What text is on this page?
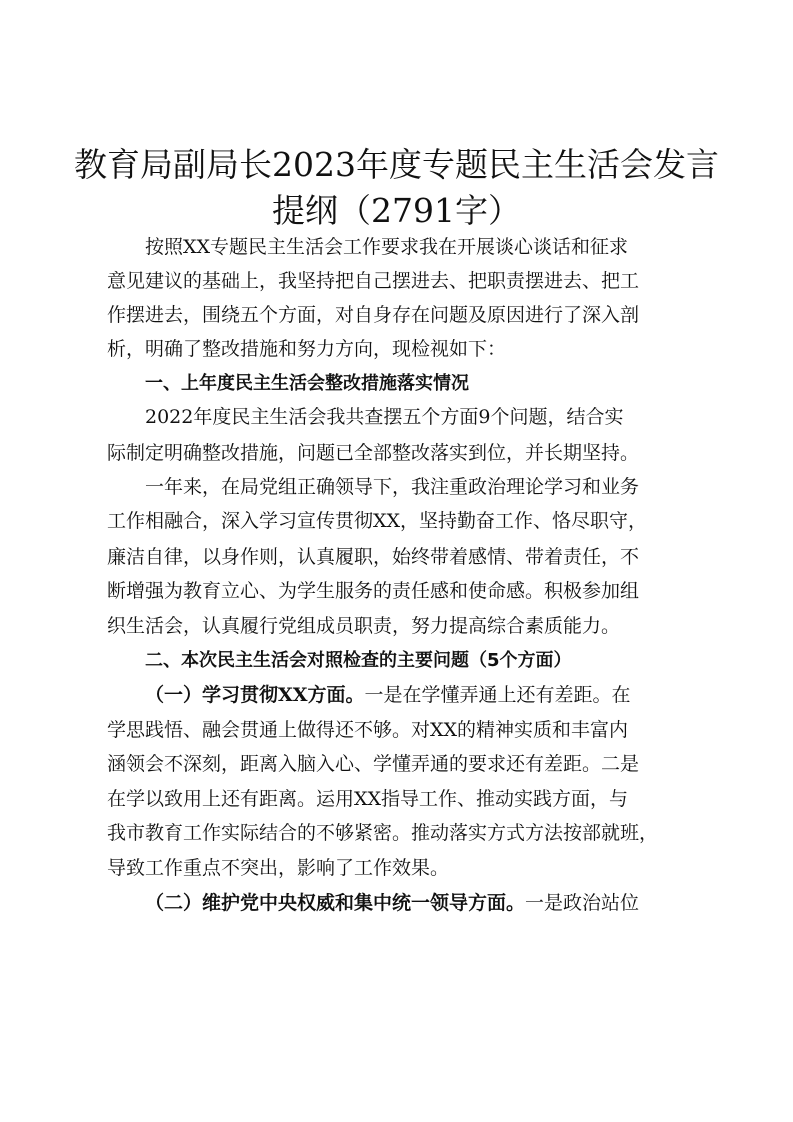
教育局副局长2023年度专题民主生活会发言
提纲（2791字）
　　按照XX专题民主生活会工作要求我在开展谈心谈话和征求
意见建议的基础上，我坚持把自己摆进去、把职责摆进去、把工
作摆进去，围绕五个方面，对自身存在问题及原因进行了深入剖
析，明确了整改措施和努力方向，现检视如下：
一、上年度民主生活会整改措施落实情况
　　2022年度民主生活会我共查摆五个方面9个问题，结合实
际制定明确整改措施，问题已全部整改落实到位，并长期坚持。
　　一年来，在局党组正确领导下，我注重政治理论学习和业务
工作相融合，深入学习宣传贯彻XX，坚持勤奋工作、恪尽职守，
廉洁自律，以身作则，认真履职，始终带着感情、带着责任，不
断增强为教育立心、为学生服务的责任感和使命感。积极参加组
织生活会，认真履行党组成员职责，努力提高综合素质能力。
二、本次民主生活会对照检查的主要问题（5个方面）
（一）学习贯彻XX方面。一是在学懂弄通上还有差距。在
学思践悟、融会贯通上做得还不够。对XX的精神实质和丰富内
涵领会不深刻，距离入脑入心、学懂弄通的要求还有差距。二是
在学以致用上还有距离。运用XX指导工作、推动实践方面，与
我市教育工作实际结合的不够紧密。推动落实方式方法按部就班，
导致工作重点不突出，影响了工作效果。
（二）维护党中央权威和集中统一领导方面。一是政治站位
